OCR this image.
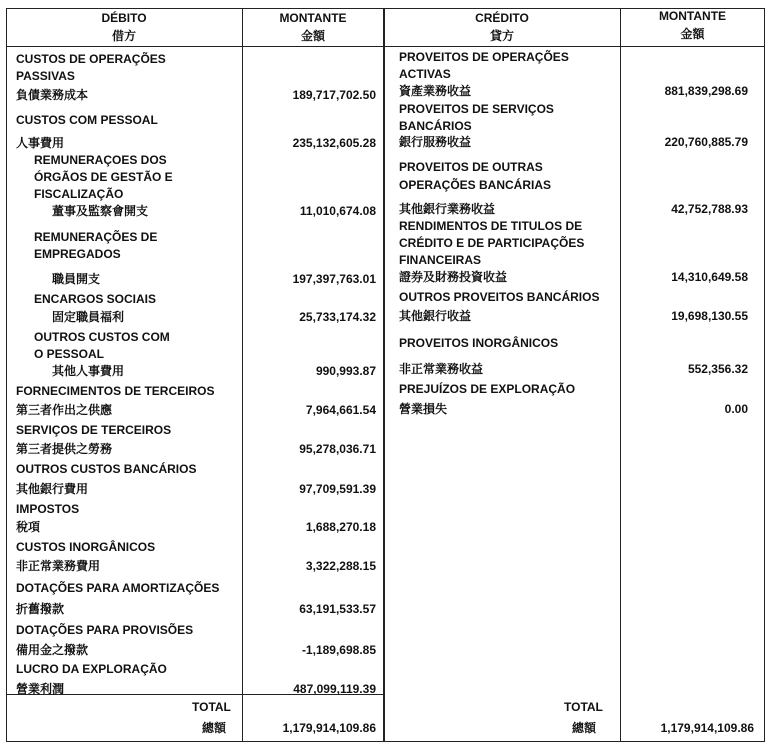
DÉBITO
借方
MONTANTE
金額
CRÉDITO
貸方
MONTANTE
金額
CUSTOS DE OPERAÇÕES
PASSIVAS
負債業務成本
CUSTOS COM PESSOAL
人事費用
REMUNERAÇOES DOS
ÓRGÃOS DE GESTÃO E
FISCALIZAÇÃO
董事及監察會開支
REMUNERAÇÕES DE
EMPREGADOS
職員開支
ENCARGOS SOCIAIS
固定職員福利
OUTROS CUSTOS COM
O PESSOAL
其他人事費用
FORNECIMENTOS DE TERCEIROS
第三者作出之供應
SERVIÇOS DE TERCEIROS
第三者提供之勞務
OUTROS CUSTOS BANCÁRIOS
其他銀行費用
IMPOSTOS
稅項
CUSTOS INORGÂNICOS
非正常業務費用
DOTAÇÕES PARA AMORTIZAÇÕES
折舊撥款
DOTAÇÕES PARA PROVISÕES
備用金之撥款
LUCRO DA EXPLORAÇÃO
營業利潤
TOTAL
總額
189,717,702.50
235,132,605.28
11,010,674.08
197,397,763.01
25,733,174.32
990,993.87
7,964,661.54
95,278,036.71
97,709,591.39
1,688,270.18
3,322,288.15
63,191,533.57
-1,189,698.85
487,099,119.39
1,179,914,109.86
PROVEITOS DE OPERAÇÕES
ACTIVAS
資產業務收益
PROVEITOS DE SERVIÇOS
BANCÁRIOS
銀行服務收益
PROVEITOS DE OUTRAS
OPERAÇÕES BANCÁRIAS
其他銀行業務收益
RENDIMENTOS DE TITULOS DE
CRÉDITO E DE PARTICIPAÇÕES
FINANCEIRAS
證券及財務投資收益
OUTROS PROVEITOS BANCÁRIOS
其他銀行收益
PROVEITOS INORGÂNICOS
非正常業務收益
PREJUÍZOS DE EXPLORAÇÃO
營業損失
TOTAL
總額
881,839,298.69
220,760,885.79
42,752,788.93
14,310,649.58
19,698,130.55
552,356.32
0.00
1,179,914,109.86
